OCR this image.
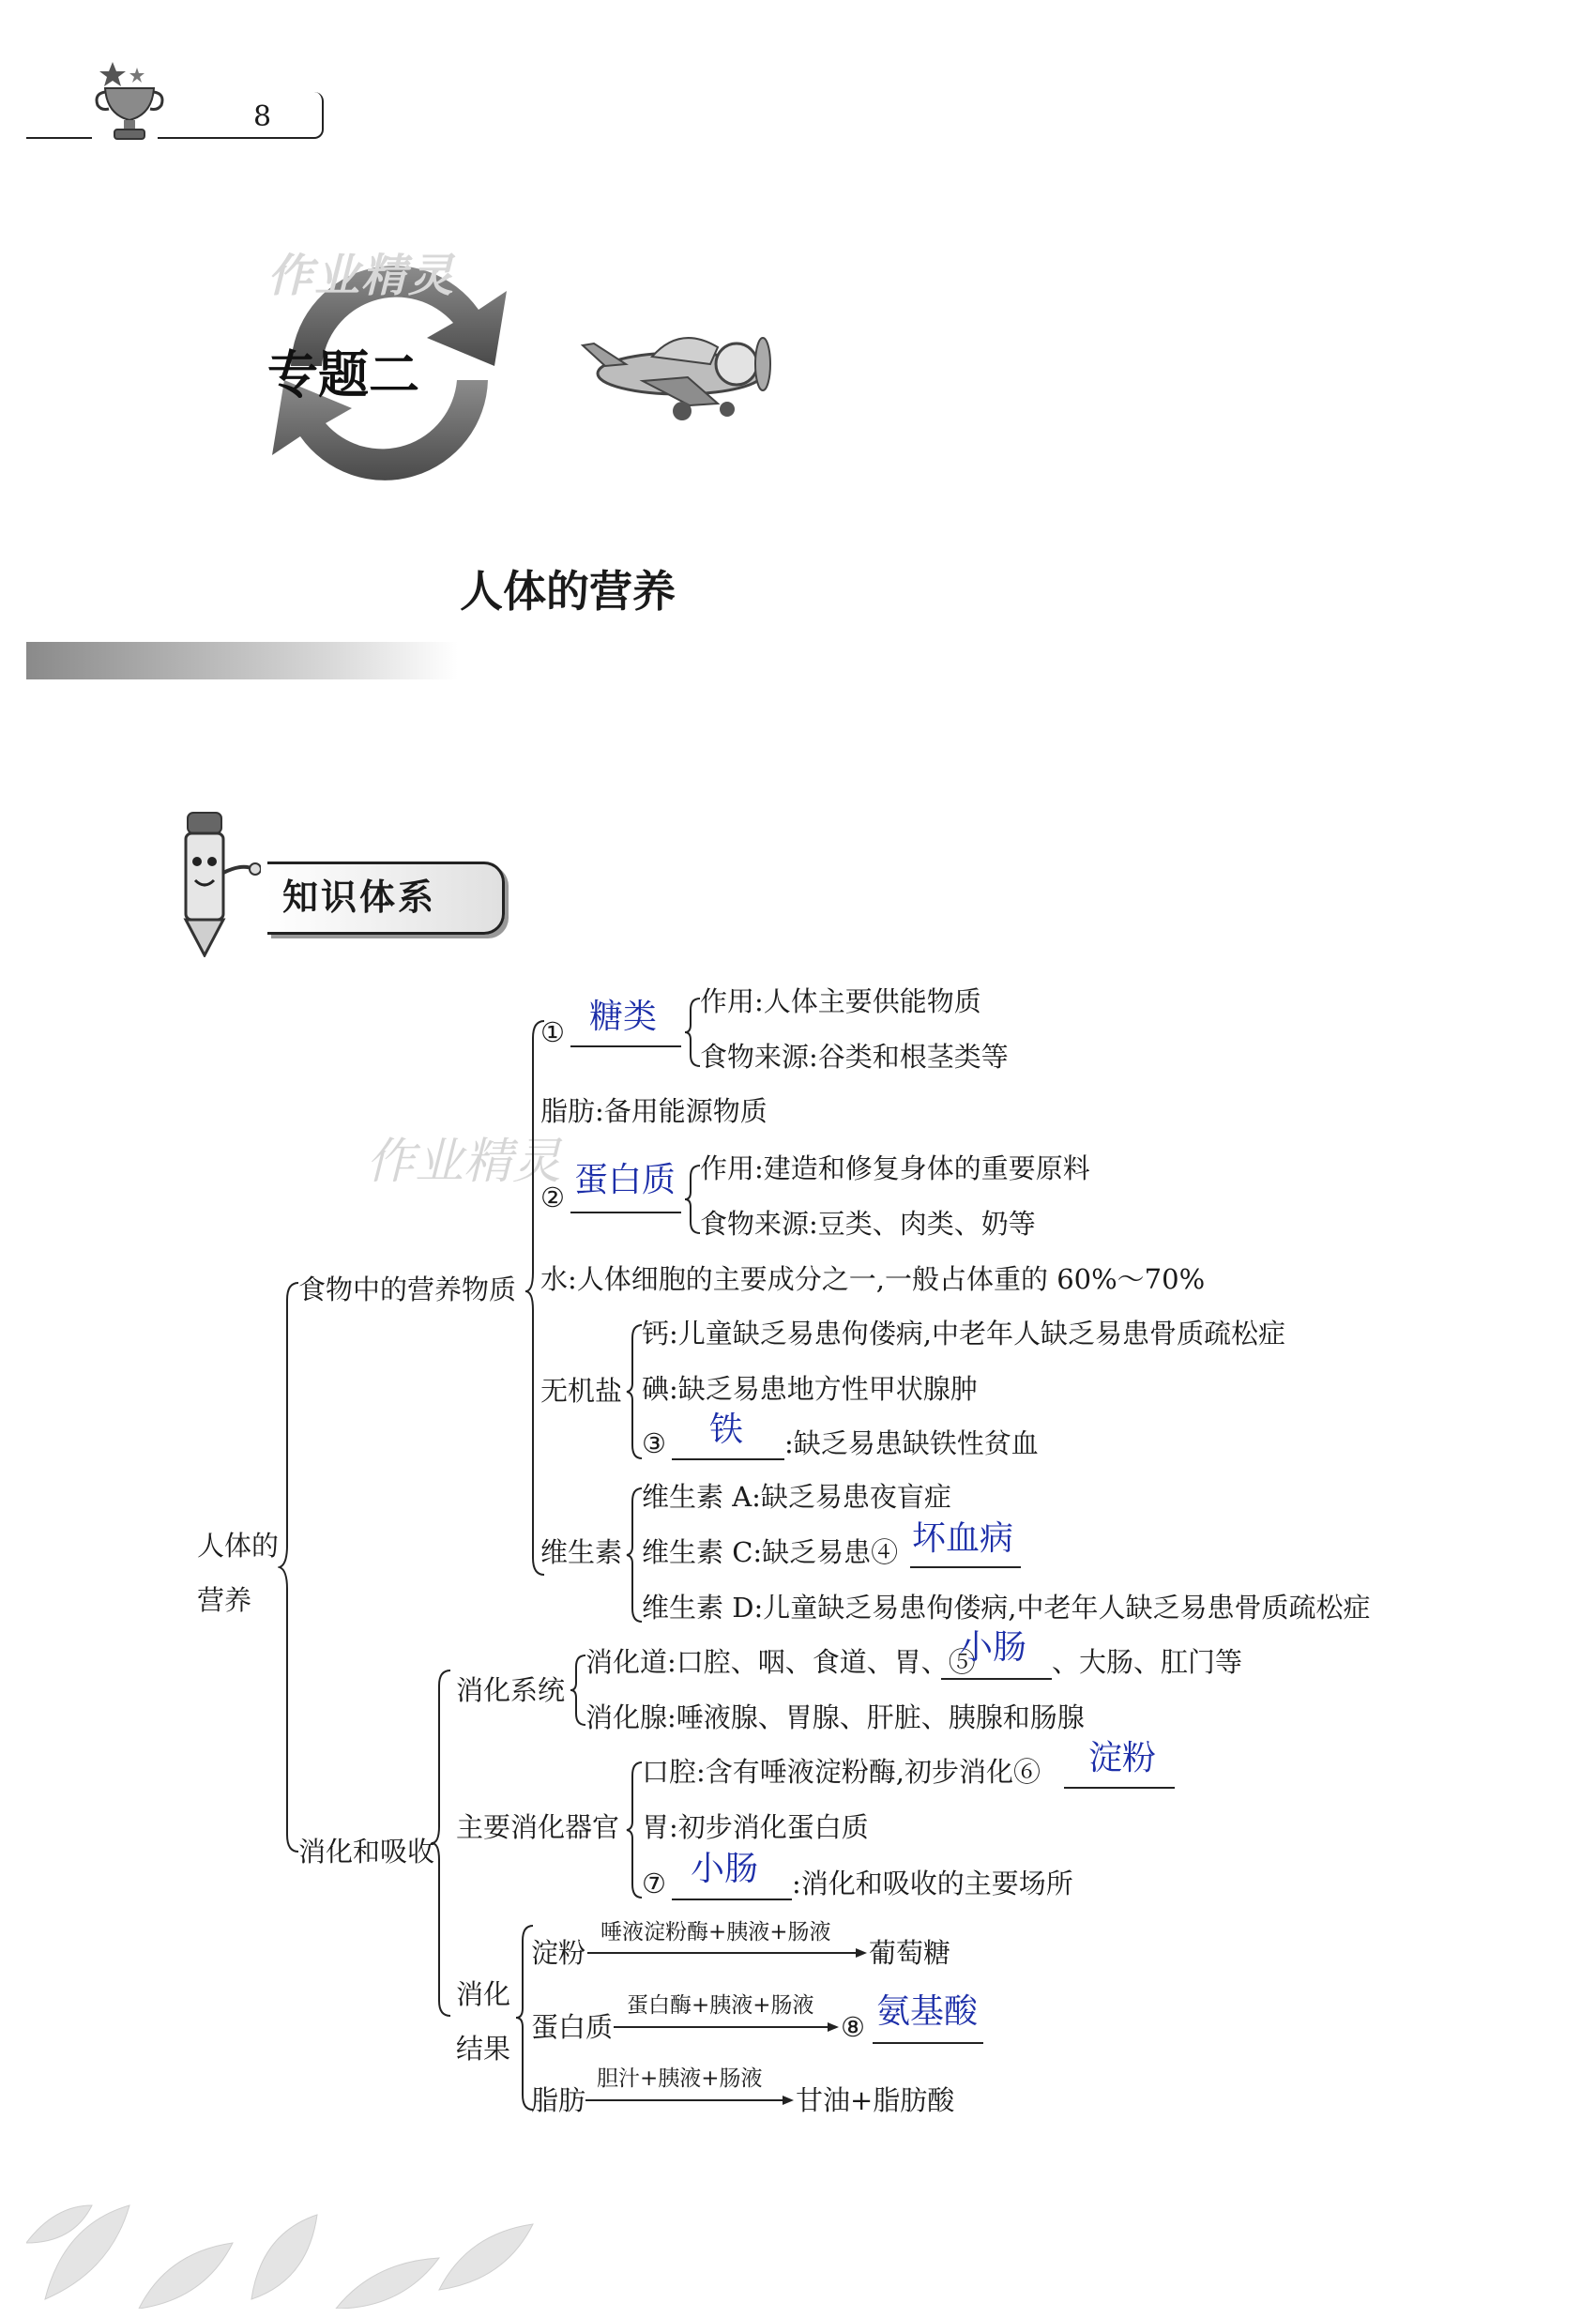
8
作业精灵
专题二
人体的营养
知识体系
作业精灵
人体的
营养
食物中的营养物质
① 糖类 作用:人体主要供能物质
食物来源:谷类和根茎类等
脂肪:备用能源物质
② 蛋白质 作用:建造和修复身体的重要原料
食物来源:豆类、肉类、奶等
水:人体细胞的主要成分之一,一般占体重的 60%～70%
无机盐
钙:儿童缺乏易患佝偻病,中老年人缺乏易患骨质疏松症
碘:缺乏易患地方性甲状腺肿
③ 铁 :缺乏易患缺铁性贫血
维生素
维生素 A:缺乏易患夜盲症
维生素 C:缺乏易患④ 坏血病
维生素 D:儿童缺乏易患佝偻病,中老年人缺乏易患骨质疏松症
消化和吸收
消化系统
消化道:口腔、咽、食道、胃、⑤
小肠 、大肠、肛门等
消化腺:唾液腺、胃腺、肝脏、胰腺和肠腺
主要消化器官
口腔:含有唾液淀粉酶,初步消化⑥ 淀粉
胃:初步消化蛋白质
⑦ 小肠 :消化和吸收的主要场所
消化
结果
淀粉
唾液淀粉酶+胰液+肠液
葡萄糖
蛋白质
蛋白酶+胰液+肠液
⑧ 氨基酸
脂肪
胆汁+胰液+肠液
甘油+脂肪酸
